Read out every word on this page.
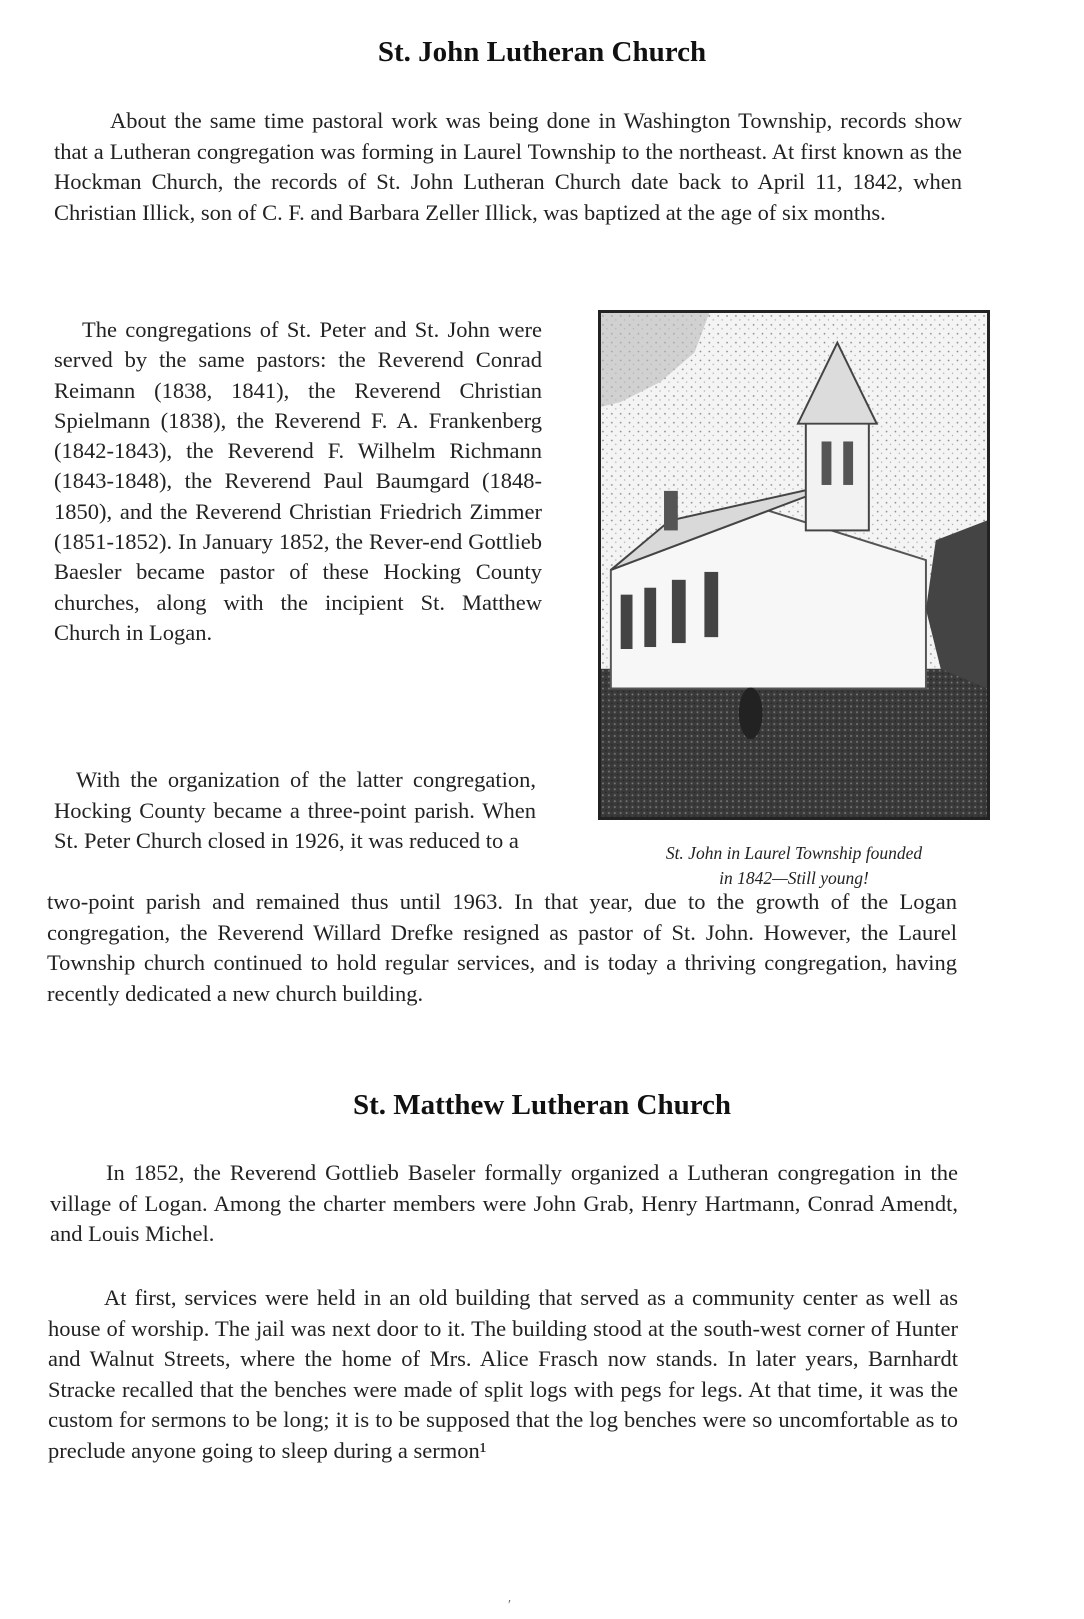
St. John Lutheran Church

About the same time pastoral work was being done in Washington Township, records show that a Lutheran congregation was forming in Laurel Township to the northeast. At first known as the Hockman Church, the records of St. John Lutheran Church date back to April 11, 1842, when Christian Illick, son of C. F. and Barbara Zeller Illick, was baptized at the age of six months.

The congregations of St. Peter and St. John were served by the same pastors: the Reverend Conrad Reimann (1838, 1841), the Reverend Christian Spielmann (1838), the Reverend F. A. Frankenberg (1842-1843), the Reverend F. Wilhelm Richmann (1843-1848), the Reverend Paul Baumgard (1848-1850), and the Reverend Christian Friedrich Zimmer (1851-1852). In January 1852, the Rever-end Gottlieb Baesler became pastor of these Hocking County churches, along with the incipient St. Matthew Church in Logan.

With the organization of the latter congregation, Hocking County became a three-point parish. When St. Peter Church closed in 1926, it was reduced to a

two-point parish and remained thus until 1963. In that year, due to the growth of the Logan congregation, the Reverend Willard Drefke resigned as pastor of St. John. However, the Laurel Township church continued to hold regular services, and is today a thriving congregation, having recently dedicated a new church building.

St. John in Laurel Township founded
in 1842—Still young!

St. Matthew Lutheran Church

In 1852, the Reverend Gottlieb Baseler formally organized a Lutheran congregation in the village of Logan. Among the charter members were John Grab, Henry Hartmann, Conrad Amendt, and Louis Michel.

At first, services were held in an old building that served as a community center as well as house of worship. The jail was next door to it. The building stood at the south-west corner of Hunter and Walnut Streets, where the home of Mrs. Alice Frasch now stands. In later years, Barnhardt Stracke recalled that the benches were made of split logs with pegs for legs. At that time, it was the custom for sermons to be long; it is to be supposed that the log benches were so uncomfortable as to preclude anyone going to sleep during a sermon¹

′
